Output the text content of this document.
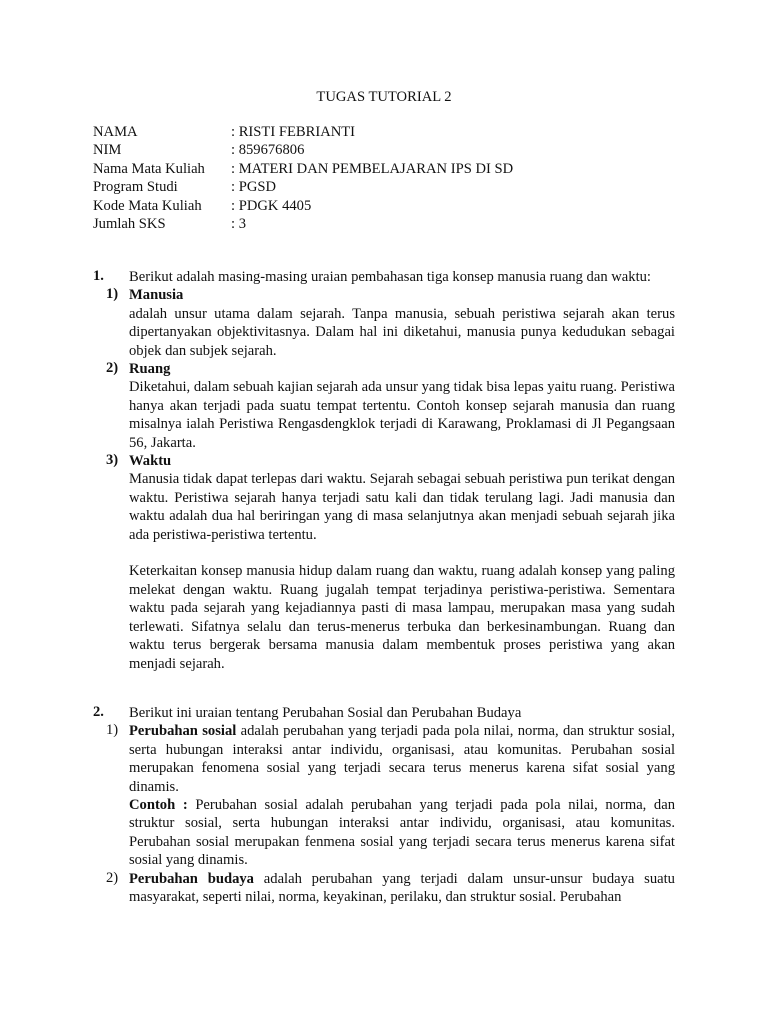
TUGAS TUTORIAL 2
NAMA	: RISTI FEBRIANTI
NIM	: 859676806
Nama Mata Kuliah : MATERI DAN PEMBELAJARAN IPS DI SD
Program Studi	: PGSD
Kode Mata Kuliah : PDGK 4405
Jumlah SKS	: 3
1. Berikut adalah masing-masing uraian pembahasan tiga konsep manusia ruang dan waktu:
1) Manusia
adalah unsur utama dalam sejarah. Tanpa manusia, sebuah peristiwa sejarah akan terus dipertanyakan objektivitasnya. Dalam hal ini diketahui, manusia punya kedudukan sebagai objek dan subjek sejarah.
2) Ruang
Diketahui, dalam sebuah kajian sejarah ada unsur yang tidak bisa lepas yaitu ruang. Peristiwa hanya akan terjadi pada suatu tempat tertentu. Contoh konsep sejarah manusia dan ruang misalnya ialah Peristiwa Rengasdengklok terjadi di Karawang, Proklamasi di Jl Pegangsaan 56, Jakarta.
3) Waktu
Manusia tidak dapat terlepas dari waktu. Sejarah sebagai sebuah peristiwa pun terikat dengan waktu. Peristiwa sejarah hanya terjadi satu kali dan tidak terulang lagi. Jadi manusia dan waktu adalah dua hal beriringan yang di masa selanjutnya akan menjadi sebuah sejarah jika ada peristiwa-peristiwa tertentu.
Keterkaitan konsep manusia hidup dalam ruang dan waktu, ruang adalah konsep yang paling melekat dengan waktu. Ruang jugalah tempat terjadinya peristiwa-peristiwa. Sementara waktu pada sejarah yang kejadiannya pasti di masa lampau, merupakan masa yang sudah terlewati. Sifatnya selalu dan terus-menerus terbuka dan berkesinambungan. Ruang dan waktu terus bergerak bersama manusia dalam membentuk proses peristiwa yang akan menjadi sejarah.
2. Berikut ini uraian tentang Perubahan Sosial dan Perubahan Budaya
1) Perubahan sosial adalah perubahan yang terjadi pada pola nilai, norma, dan struktur sosial, serta hubungan interaksi antar individu, organisasi, atau komunitas. Perubahan sosial merupakan fenomena sosial yang terjadi secara terus menerus karena sifat sosial yang dinamis.
Contoh : Perubahan sosial adalah perubahan yang terjadi pada pola nilai, norma, dan struktur sosial, serta hubungan interaksi antar individu, organisasi, atau komunitas. Perubahan sosial merupakan fenmena sosial yang terjadi secara terus menerus karena sifat sosial yang dinamis.
2) Perubahan budaya adalah perubahan yang terjadi dalam unsur-unsur budaya suatu masyarakat, seperti nilai, norma, keyakinan, perilaku, dan struktur sosial. Perubahan
